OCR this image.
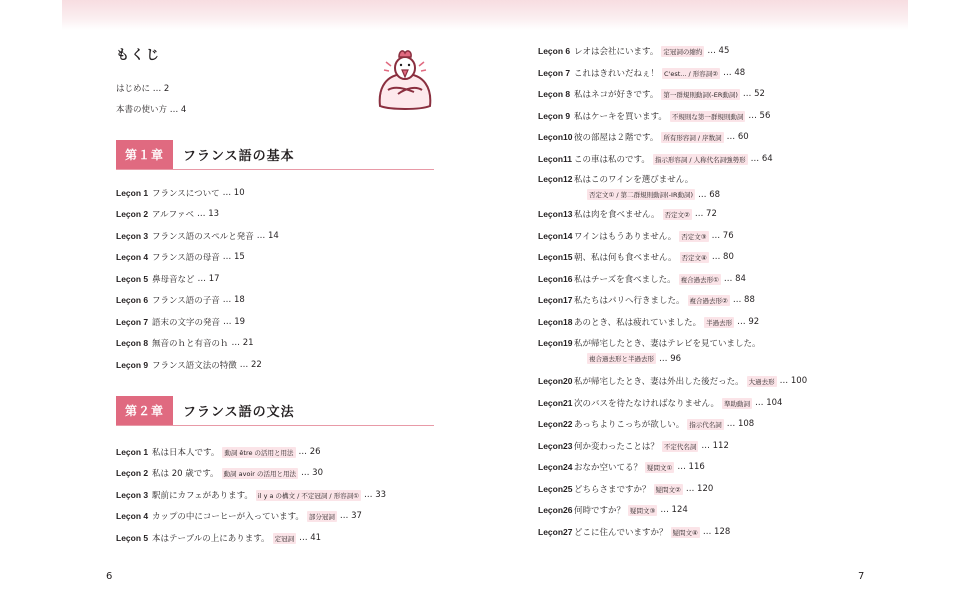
もくじ
はじめに … 2
本書の使い方 … 4
第１章	フランス語の基本
Leçon 1 フランスについて … 10
Leçon 2 アルファベ … 13
Leçon 3 フランス語のスペルと発音 … 14
Leçon 4 フランス語の母音 … 15
Leçon 5 鼻母音など … 17
Leçon 6 フランス語の子音 … 18
Leçon 7 語末の文字の発音 … 19
Leçon 8 無音のｈと有音のｈ … 21
Leçon 9 フランス語文法の特徴 … 22
第２章	フランス語の文法
Leçon 1 私は日本人です。 動詞 être の活用と用法 … 26
Leçon 2 私は 20 歳です。 動詞 avoir の活用と用法 … 30
Leçon 3 駅前にカフェがあります。 il y a の構文 / 不定冠詞 / 形容詞① … 33
Leçon 4 カップの中にコーヒーが入っています。 部分冠詞 … 37
Leçon 5 本はテーブルの上にあります。 定冠詞 … 41
6
Leçon 6 レオは会社にいます。 定冠詞の縮約 … 45
Leçon 7 これはきれいだねぇ！ C'est... / 形容詞② … 48
Leçon 8 私はネコが好きです。 第一群規則動詞(-ER動詞) … 52
Leçon 9 私はケーキを買います。 不規則な第一群規則動詞 … 56
Leçon10 彼の部屋は２階です。 所有形容詞 / 序数詞 … 60
Leçon11 この車は私のです。 指示形容詞 / 人称代名詞強勢形 … 64
Leçon12 私はこのワインを選びません。
否定文① / 第二群規則動詞(-IR動詞) … 68
Leçon13 私は肉を食べません。 否定文② … 72
Leçon14 ワインはもうありません。 否定文③ … 76
Leçon15 朝、私は何も食べません。 否定文④ … 80
Leçon16 私はチーズを食べました。 複合過去形① … 84
Leçon17 私たちはパリへ行きました。 複合過去形② … 88
Leçon18 あのとき、私は疲れていました。 半過去形 … 92
Leçon19 私が帰宅したとき、妻はテレビを見ていました。
複合過去形と半過去形 … 96
Leçon20 私が帰宅したとき、妻は外出した後だった。 大過去形 … 100
Leçon21 次のバスを待たなければなりません。 準助動詞 … 104
Leçon22 あっちよりこっちが欲しい。 指示代名詞 … 108
Leçon23 何か変わったことは？ 不定代名詞 … 112
Leçon24 おなか空いてる？ 疑問文① … 116
Leçon25 どちらさまですか？ 疑問文② … 120
Leçon26 何時ですか？ 疑問文③ … 124
Leçon27 どこに住んでいますか？ 疑問文④ … 128
7
